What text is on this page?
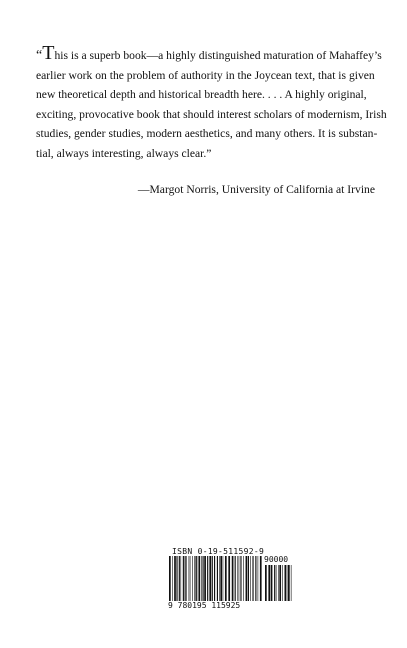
“This is a superb book—a highly distinguished maturation of Mahaffey’s
earlier work on the problem of authority in the Joycean text, that is given
new theoretical depth and historical breadth here. . . . A highly original,
exciting, provocative book that should interest scholars of modernism, Irish
studies, gender studies, modern aesthetics, and many others. It is substan-
tial, always interesting, always clear.”
—Margot Norris, University of California at Irvine
ISBN 0-19-511592-9
90000
9 780195 115925
